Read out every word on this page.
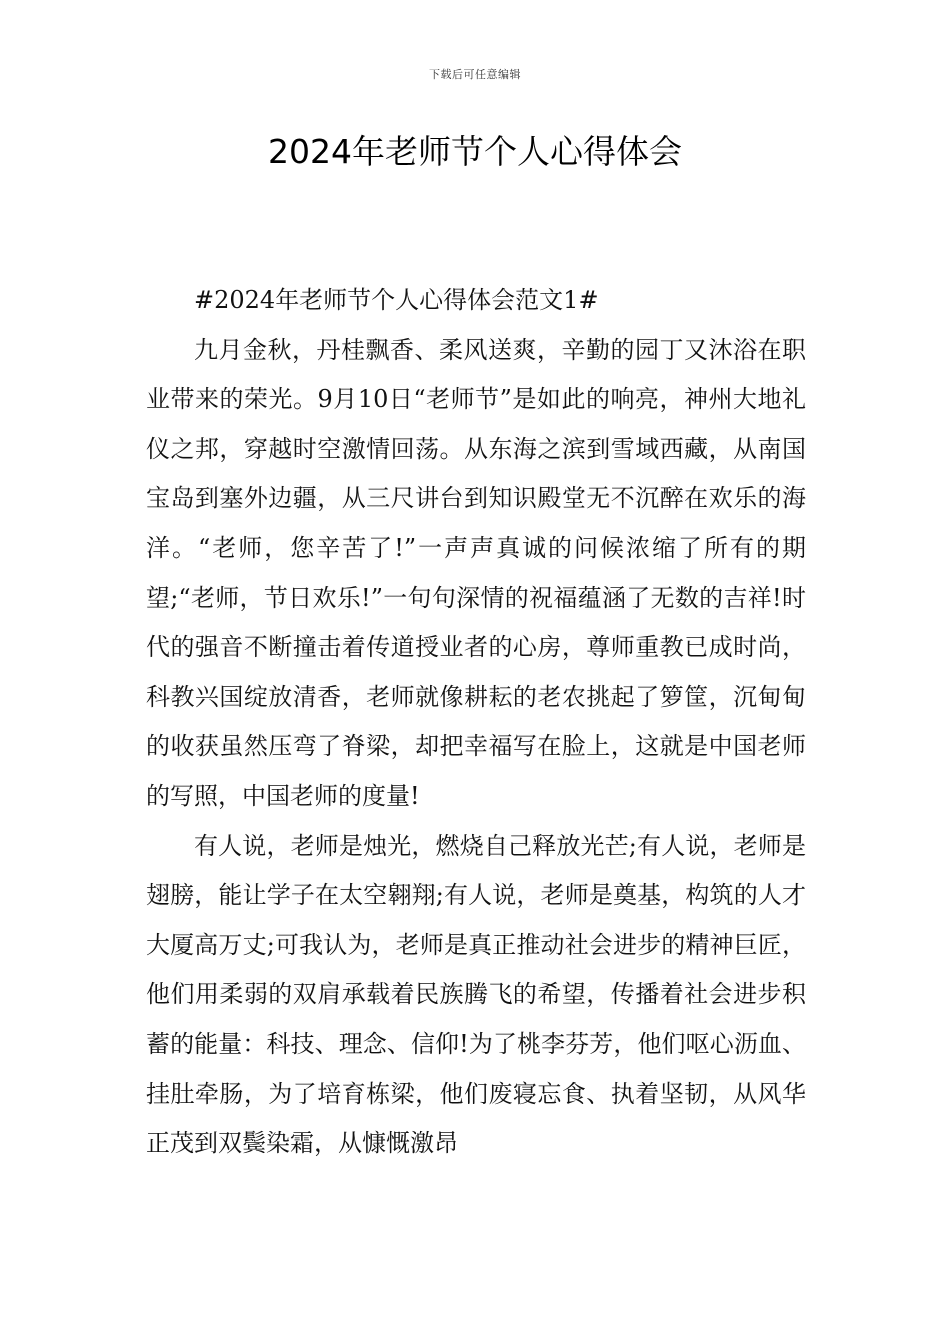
下载后可任意编辑
2024年老师节个人心得体会

#2024年老师节个人心得体会范文1#

九月金秋，丹桂飘香、柔风送爽，辛勤的园丁又沐浴在职业带来的荣光。9月10日“老师节”是如此的响亮，神州大地礼仪之邦，穿越时空激情回荡。从东海之滨到雪域西藏，从南国宝岛到塞外边疆，从三尺讲台到知识殿堂无不沉醉在欢乐的海洋。“老师，您辛苦了!”一声声真诚的问候浓缩了所有的期望;“老师，节日欢乐!”一句句深情的祝福蕴涵了无数的吉祥!时代的强音不断撞击着传道授业者的心房，尊师重教已成时尚，科教兴国绽放清香，老师就像耕耘的老农挑起了箩筐，沉甸甸的收获虽然压弯了脊梁，却把幸福写在脸上，这就是中国老师的写照，中国老师的度量!

有人说，老师是烛光，燃烧自己释放光芒;有人说，老师是翅膀，能让学子在太空翱翔;有人说，老师是奠基，构筑的人才大厦高万丈;可我认为，老师是真正推动社会进步的精神巨匠，他们用柔弱的双肩承载着民族腾飞的希望，传播着社会进步积蓄的能量：科技、理念、信仰!为了桃李芬芳，他们呕心沥血、挂肚牵肠，为了培育栋梁，他们废寝忘食、执着坚韧，从风华正茂到双鬓染霜，从慷慨激昂
